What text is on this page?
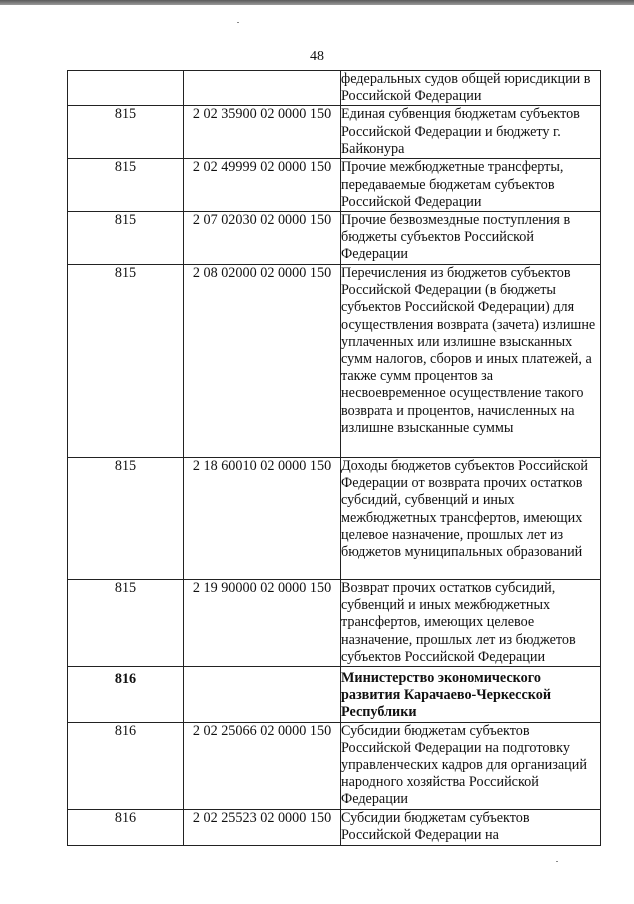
48
		федеральных судов общей юрисдикции в Российской Федерации
815	2 02 35900 02 0000 150	Единая субвенция бюджетам субъектов Российской Федерации и бюджету г. Байконура
815	2 02 49999 02 0000 150	Прочие межбюджетные трансферты, передаваемые бюджетам субъектов Российской Федерации
815	2 07 02030 02 0000 150	Прочие безвозмездные поступления в бюджеты субъектов Российской Федерации
815	2 08 02000 02 0000 150	Перечисления из бюджетов субъектов Российской Федерации (в бюджеты субъектов Российской Федерации) для осуществления возврата (зачета) излишне уплаченных или излишне взысканных сумм налогов, сборов и иных платежей, а также сумм процентов за несвоевременное осуществление такого возврата и процентов, начисленных на излишне взысканные суммы
815	2 18 60010 02 0000 150	Доходы бюджетов субъектов Российской Федерации от возврата прочих остатков субсидий, субвенций и иных межбюджетных трансфертов, имеющих целевое назначение, прошлых лет из бюджетов муниципальных образований
815	2 19 90000 02 0000 150	Возврат прочих остатков субсидий, субвенций и иных межбюджетных трансфертов, имеющих целевое назначение, прошлых лет из бюджетов субъектов Российской Федерации
816		Министерство экономического развития Карачаево-Черкесской Республики
816	2 02 25066 02 0000 150	Субсидии бюджетам субъектов Российской Федерации на подготовку управленческих кадров для организаций народного хозяйства Российской Федерации
816	2 02 25523 02 0000 150	Субсидии бюджетам субъектов Российской Федерации на
